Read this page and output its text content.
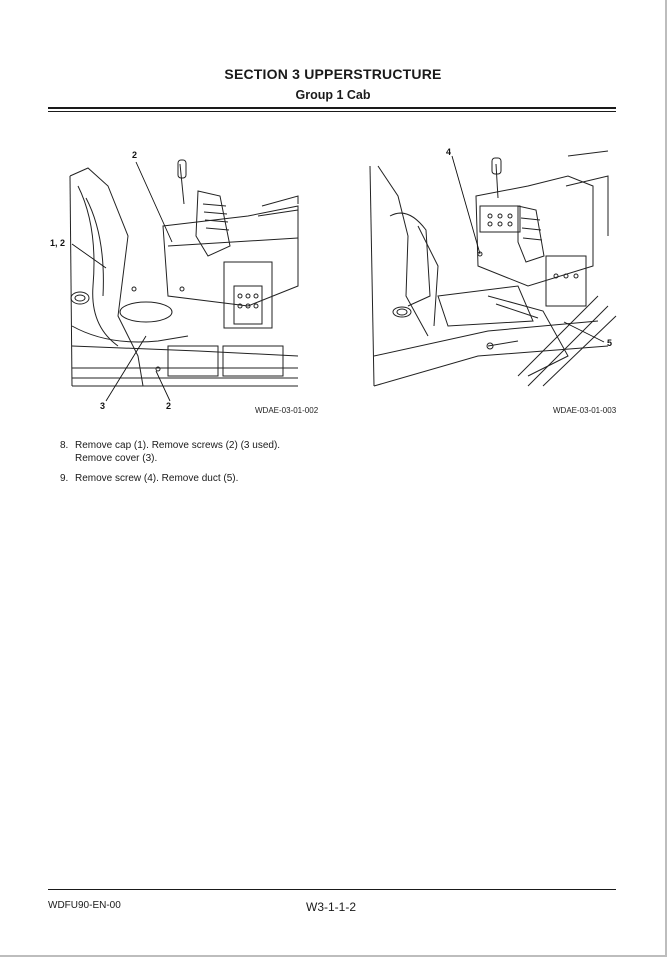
SECTION 3 UPPERSTRUCTURE
Group 1 Cab
2
1, 2
3	2	WDAE-03-01-002
4
5
WDAE-03-01-003
8. Remove cap (1). Remove screws (2) (3 used).
Remove cover (3).
9. Remove screw (4). Remove duct (5).
WDFU90-EN-00	W3-1-1-2
